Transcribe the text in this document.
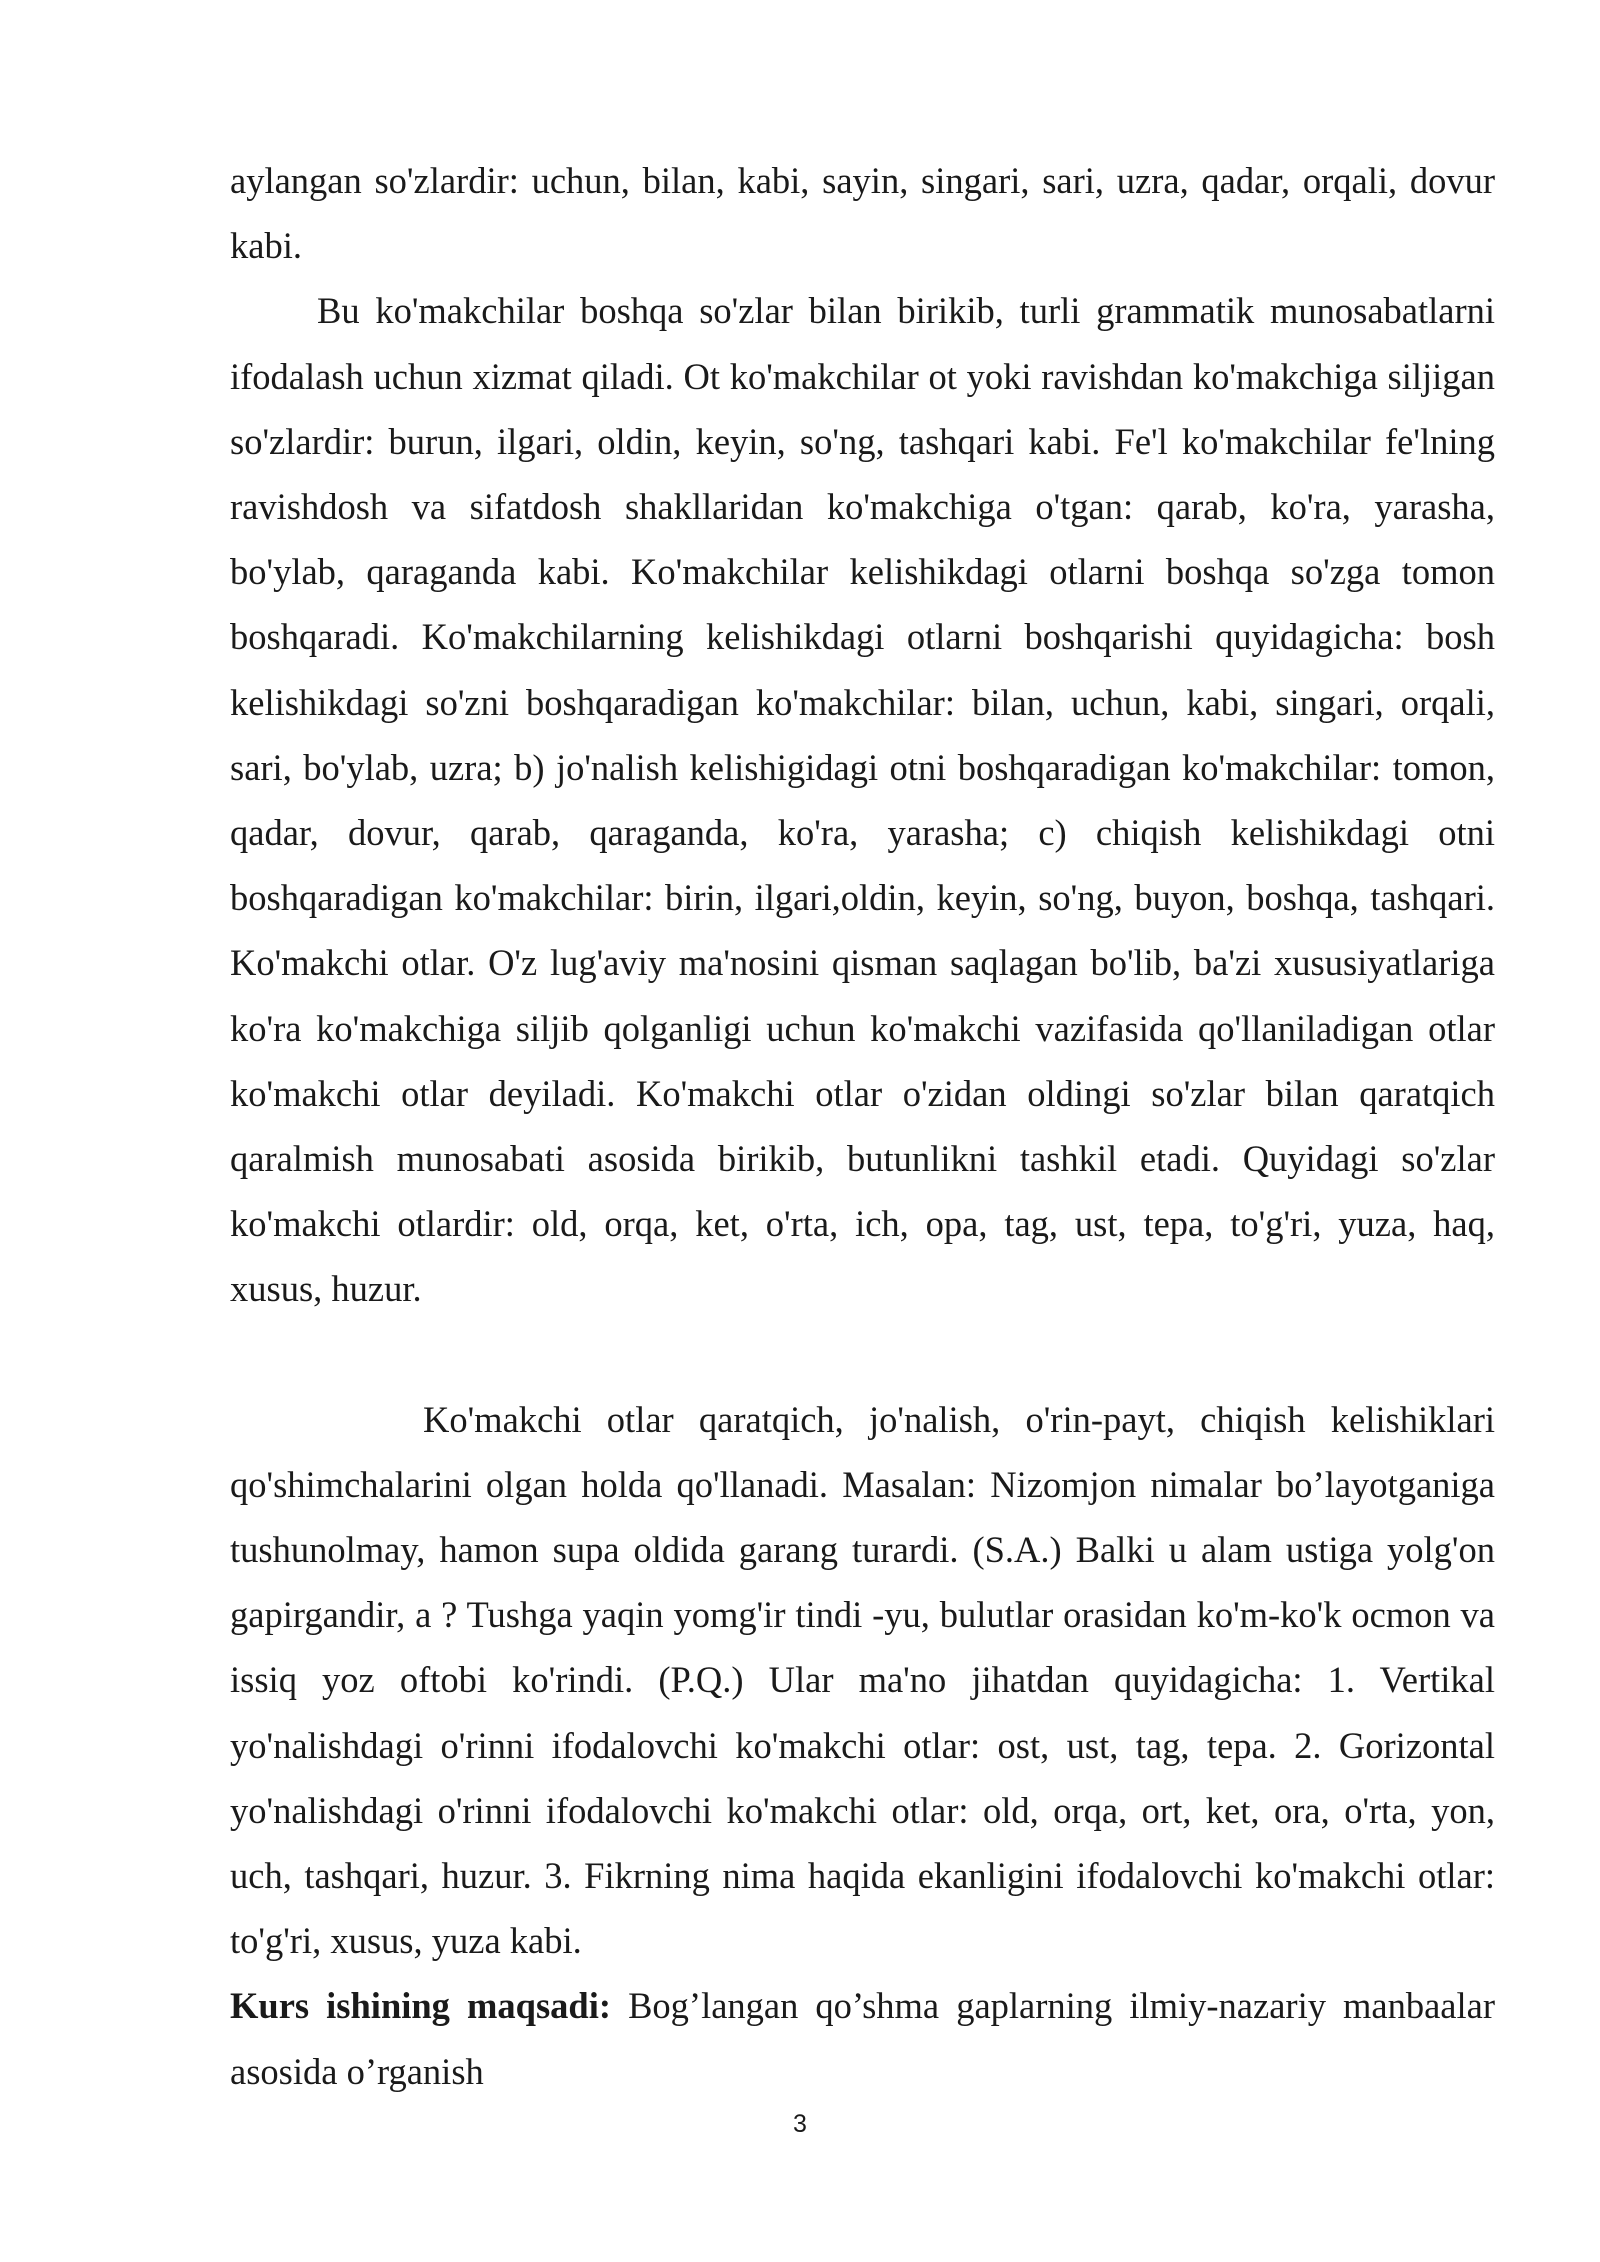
aylangan so'zlardir: uchun, bilan, kabi, sayin, singari, sari, uzra, qadar, orqali, dovur kabi.

Bu ko'makchilar boshqa so'zlar bilan birikib, turli grammatik munosabatlarni ifodalash uchun xizmat qiladi. Ot ko'makchilar ot yoki ravishdan ko'makchiga siljigan so'zlardir: burun, ilgari, oldin, keyin, so'ng, tashqari kabi. Fe'l ko'makchilar fe'lning ravishdosh va sifatdosh shakllaridan ko'makchiga o'tgan: qarab, ko'ra, yarasha, bo'ylab, qaraganda kabi. Ko'makchilar kelishikdagi otlarni boshqa so'zga tomon boshqaradi. Ko'makchilarning kelishikdagi otlarni boshqarishi quyidagicha: bosh kelishikdagi so'zni boshqaradigan ko'makchilar: bilan, uchun, kabi, singari, orqali, sari, bo'ylab, uzra; b) jo'nalish kelishigidagi otni boshqaradigan ko'makchilar: tomon, qadar, dovur, qarab, qaraganda, ko'ra, yarasha; c) chiqish kelishikdagi otni boshqaradigan ko'makchilar: birin, ilgari,oldin, keyin, so'ng, buyon, boshqa, tashqari. Ko'makchi otlar. O'z lug'aviy ma'nosini qisman saqlagan bo'lib, ba'zi xususiyatlariga ko'ra ko'makchiga siljib qolganligi uchun ko'makchi vazifasida qo'llaniladigan otlar ko'makchi otlar deyiladi. Ko'makchi otlar o'zidan oldingi so'zlar bilan qaratqich qaralmish munosabati asosida birikib, butunlikni tashkil etadi. Quyidagi so'zlar ko'makchi otlardir: old, orqa, ket, o'rta, ich, opa, tag, ust, tepa, to'g'ri, yuza, haq, xusus, huzur.

Ko'makchi otlar qaratqich, jo'nalish, o'rin-payt, chiqish kelishiklari qo'shimchalarini olgan holda qo'llanadi. Masalan: Nizomjon nimalar bo’layotganiga tushunolmay, hamon supa oldida garang turardi. (S.A.) Balki u alam ustiga yolg'on gapirgandir, a ? Tushga yaqin yomg'ir tindi -yu, bulutlar orasidan ko'm-ko'k ocmon va issiq yoz oftobi ko'rindi. (P.Q.) Ular ma'no jihatdan quyidagicha: 1. Vertikal yo'nalishdagi o'rinni ifodalovchi ko'makchi otlar: ost, ust, tag, tepa. 2. Gorizontal yo'nalishdagi o'rinni ifodalovchi ko'makchi otlar: old, orqa, ort, ket, ora, o'rta, yon, uch, tashqari, huzur. 3. Fikrning nima haqida ekanligini ifodalovchi ko'makchi otlar: to'g'ri, xusus, yuza kabi.

Kurs ishining maqsadi: Bog’langan qo’shma gaplarning ilmiy-nazariy manbaalar asosida o’rganish

3
